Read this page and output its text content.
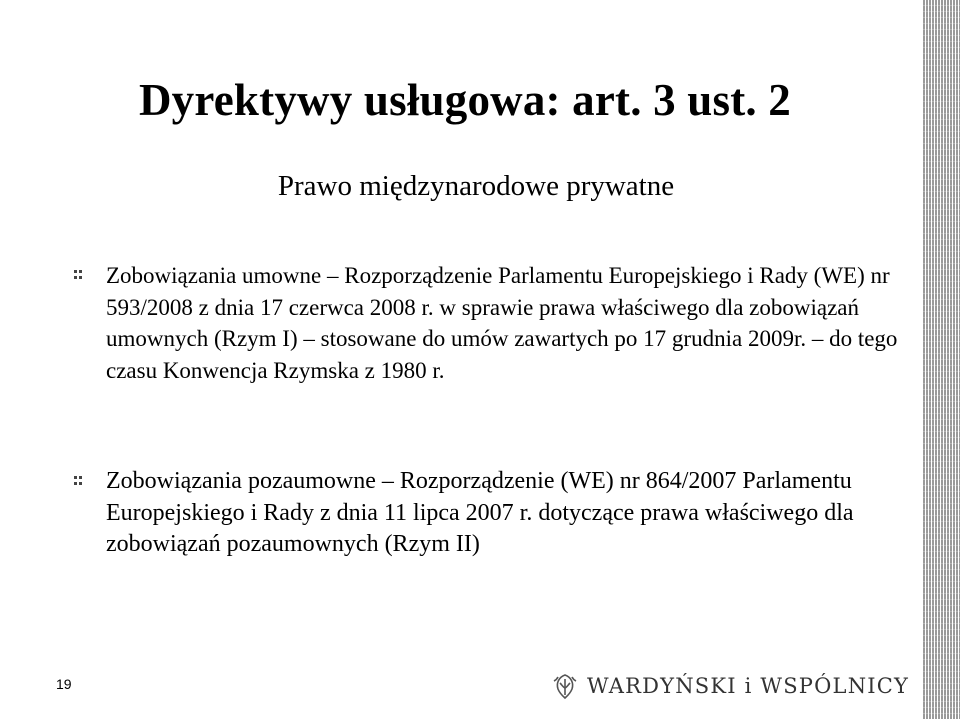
Dyrektywy usługowa: art. 3 ust. 2
Prawo międzynarodowe prywatne
Zobowiązania umowne – Rozporządzenie Parlamentu Europejskiego i Rady (WE) nr 593/2008 z dnia 17 czerwca 2008 r. w sprawie prawa właściwego dla zobowiązań umownych (Rzym I) – stosowane do umów zawartych po 17 grudnia 2009r. – do tego czasu Konwencja Rzymska z 1980 r.
Zobowiązania pozaumowne – Rozporządzenie (WE) nr 864/2007 Parlamentu Europejskiego i Rady z dnia 11 lipca 2007 r. dotyczące prawa właściwego dla zobowiązań pozaumownych (Rzym II)
19	WARDYŃSKI i WSPÓLNICY
